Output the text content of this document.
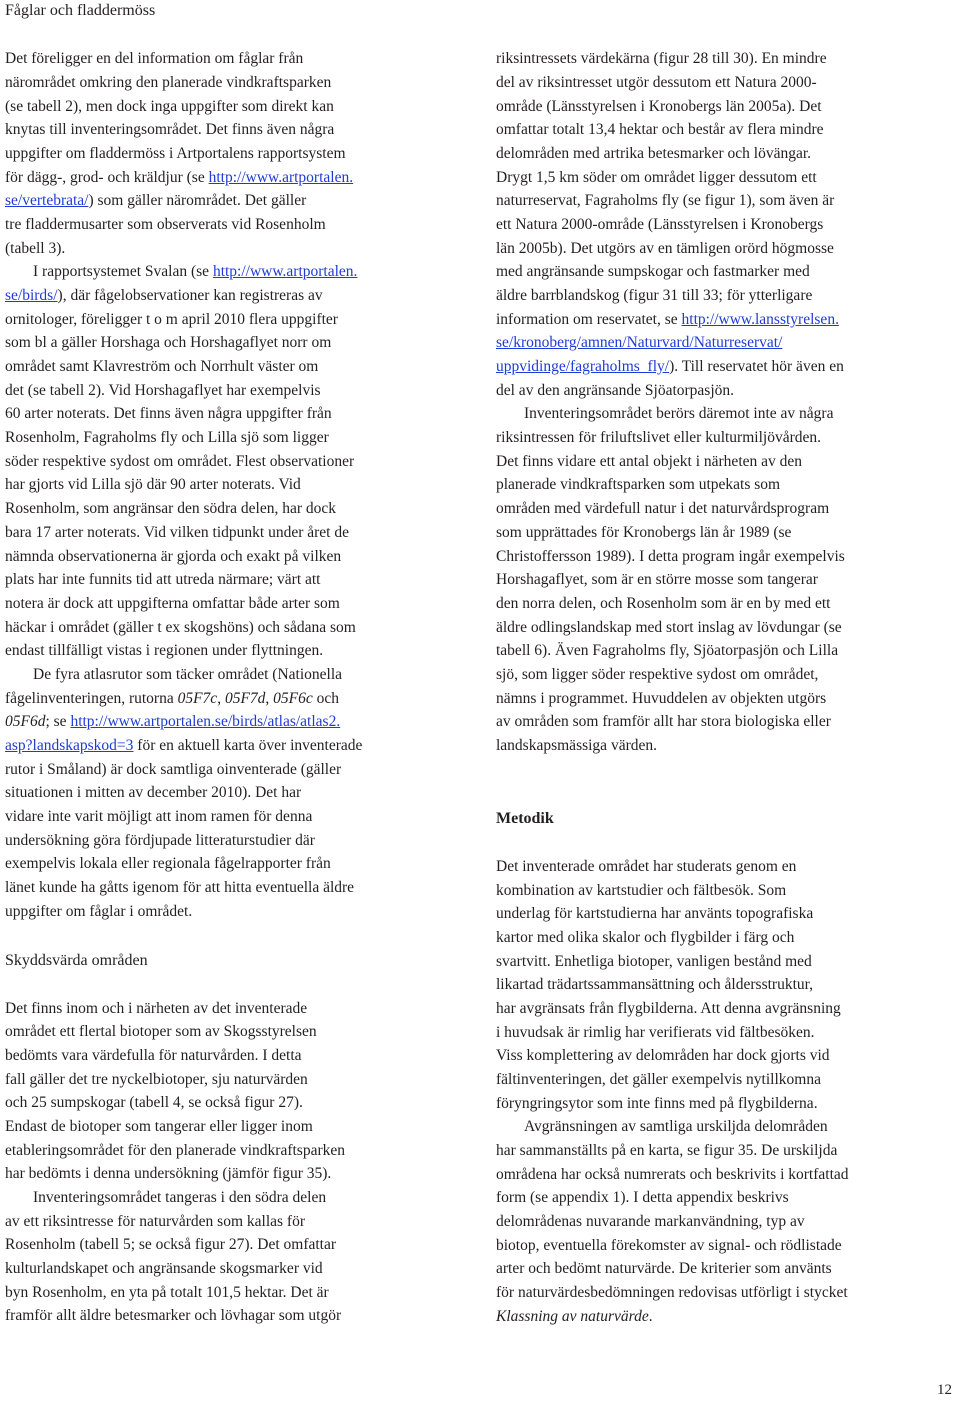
Fåglar och fladdermöss
Det föreligger en del information om fåglar från
närområdet omkring den planerade vindkraftsparken
(se tabell 2), men dock inga uppgifter som direkt kan
knytas till inventeringsområdet. Det finns även några
uppgifter om fladdermöss i Artportalens rapportsystem
för dägg-, grod- och kräldjur (se http://www.artportalen.
se/vertebrata/) som gäller närområdet. Det gäller
tre fladdermusarter som observerats vid Rosenholm
(tabell 3).
I rapportsystemet Svalan (se http://www.artportalen.
se/birds/), där fågelobservationer kan registreras av
ornitologer, föreligger t o m april 2010 flera uppgifter
som bl a gäller Horshaga och Horshagaflyet norr om
området samt Klavreström och Norrhult väster om
det (se tabell 2). Vid Horshagaflyet har exempelvis
60 arter noterats. Det finns även några uppgifter från
Rosenholm, Fagraholms fly och Lilla sjö som ligger
söder respektive sydost om området. Flest observationer
har gjorts vid Lilla sjö där 90 arter noterats. Vid
Rosenholm, som angränsar den södra delen, har dock
bara 17 arter noterats. Vid vilken tidpunkt under året de
nämnda observationerna är gjorda och exakt på vilken
plats har inte funnits tid att utreda närmare; värt att
notera är dock att uppgifterna omfattar både arter som
häckar i området (gäller t ex skogshöns) och sådana som
endast tillfälligt vistas i regionen under flyttningen.
De fyra atlasrutor som täcker området (Nationella
fågelinventeringen, rutorna 05F7c, 05F7d, 05F6c och
05F6d; se http://www.artportalen.se/birds/atlas/atlas2.
asp?landskapskod=3 för en aktuell karta över inventerade
rutor i Småland) är dock samtliga oinventerade (gäller
situationen i mitten av december 2010). Det har
vidare inte varit möjligt att inom ramen för denna
undersökning göra fördjupade litteraturstudier där
exempelvis lokala eller regionala fågelrapporter från
länet kunde ha gåtts igenom för att hitta eventuella äldre
uppgifter om fåglar i området.
Skyddsvärda områden
Det finns inom och i närheten av det inventerade
området ett flertal biotoper som av Skogsstyrelsen
bedömts vara värdefulla för naturvården. I detta
fall gäller det tre nyckelbiotoper, sju naturvärden
och 25 sumpskogar (tabell 4, se också figur 27).
Endast de biotoper som tangerar eller ligger inom
etableringsområdet för den planerade vindkraftsparken
har bedömts i denna undersökning (jämför figur 35).
Inventeringsområdet tangeras i den södra delen
av ett riksintresse för naturvården som kallas för
Rosenholm (tabell 5; se också figur 27). Det omfattar
kulturlandskapet och angränsande skogsmarker vid
byn Rosenholm, en yta på totalt 101,5 hektar. Det är
framför allt äldre betesmarker och lövhagar som utgör
riksintressets värdekärna (figur 28 till 30). En mindre
del av riksintresset utgör dessutom ett Natura 2000-
område (Länsstyrelsen i Kronobergs län 2005a). Det
omfattar totalt 13,4 hektar och består av flera mindre
delområden med artrika betesmarker och lövängar.
Drygt 1,5 km söder om området ligger dessutom ett
naturreservat, Fagraholms fly (se figur 1), som även är
ett Natura 2000-område (Länsstyrelsen i Kronobergs
län 2005b). Det utgörs av en tämligen orörd högmosse
med angränsande sumpskogar och fastmarker med
äldre barrblandskog (figur 31 till 33; för ytterligare
information om reservatet, se http://www.lansstyrelsen.
se/kronoberg/amnen/Naturvard/Naturreservat/
uppvidinge/fagraholms_fly/). Till reservatet hör även en
del av den angränsande Sjöatorpasjön.
Inventeringsområdet berörs däremot inte av några
riksintressen för friluftslivet eller kulturmiljövården.
Det finns vidare ett antal objekt i närheten av den
planerade vindkraftsparken som utpekats som
områden med värdefull natur i det naturvårdsprogram
som upprättades för Kronobergs län år 1989 (se
Christoffersson 1989). I detta program ingår exempelvis
Horshagaflyet, som är en större mosse som tangerar
den norra delen, och Rosenholm som är en by med ett
äldre odlingslandskap med stort inslag av lövdungar (se
tabell 6). Även Fagraholms fly, Sjöatorpasjön och Lilla
sjö, som ligger söder respektive sydost om området,
nämns i programmet. Huvuddelen av objekten utgörs
av områden som framför allt har stora biologiska eller
landskapsmässiga värden.
Metodik
Det inventerade området har studerats genom en
kombination av kartstudier och fältbesök. Som
underlag för kartstudierna har använts topografiska
kartor med olika skalor och flygbilder i färg och
svartvitt. Enhetliga biotoper, vanligen bestånd med
likartad trädartssammansättning och åldersstruktur,
har avgränsats från flygbilderna. Att denna avgränsning
i huvudsak är rimlig har verifierats vid fältbesöken.
Viss komplettering av delområden har dock gjorts vid
fältinventeringen, det gäller exempelvis nytillkomna
föryngringsytor som inte finns med på flygbilderna.
Avgränsningen av samtliga urskiljda delområden
har sammanställts på en karta, se figur 35. De urskiljda
områdena har också numrerats och beskrivits i kortfattad
form (se appendix 1). I detta appendix beskrivs
delområdenas nuvarande markanvändning, typ av
biotop, eventuella förekomster av signal- och rödlistade
arter och bedömt naturvärde. De kriterier som använts
för naturvärdesbedömningen redovisas utförligt i stycket
Klassning av naturvärde.
12
